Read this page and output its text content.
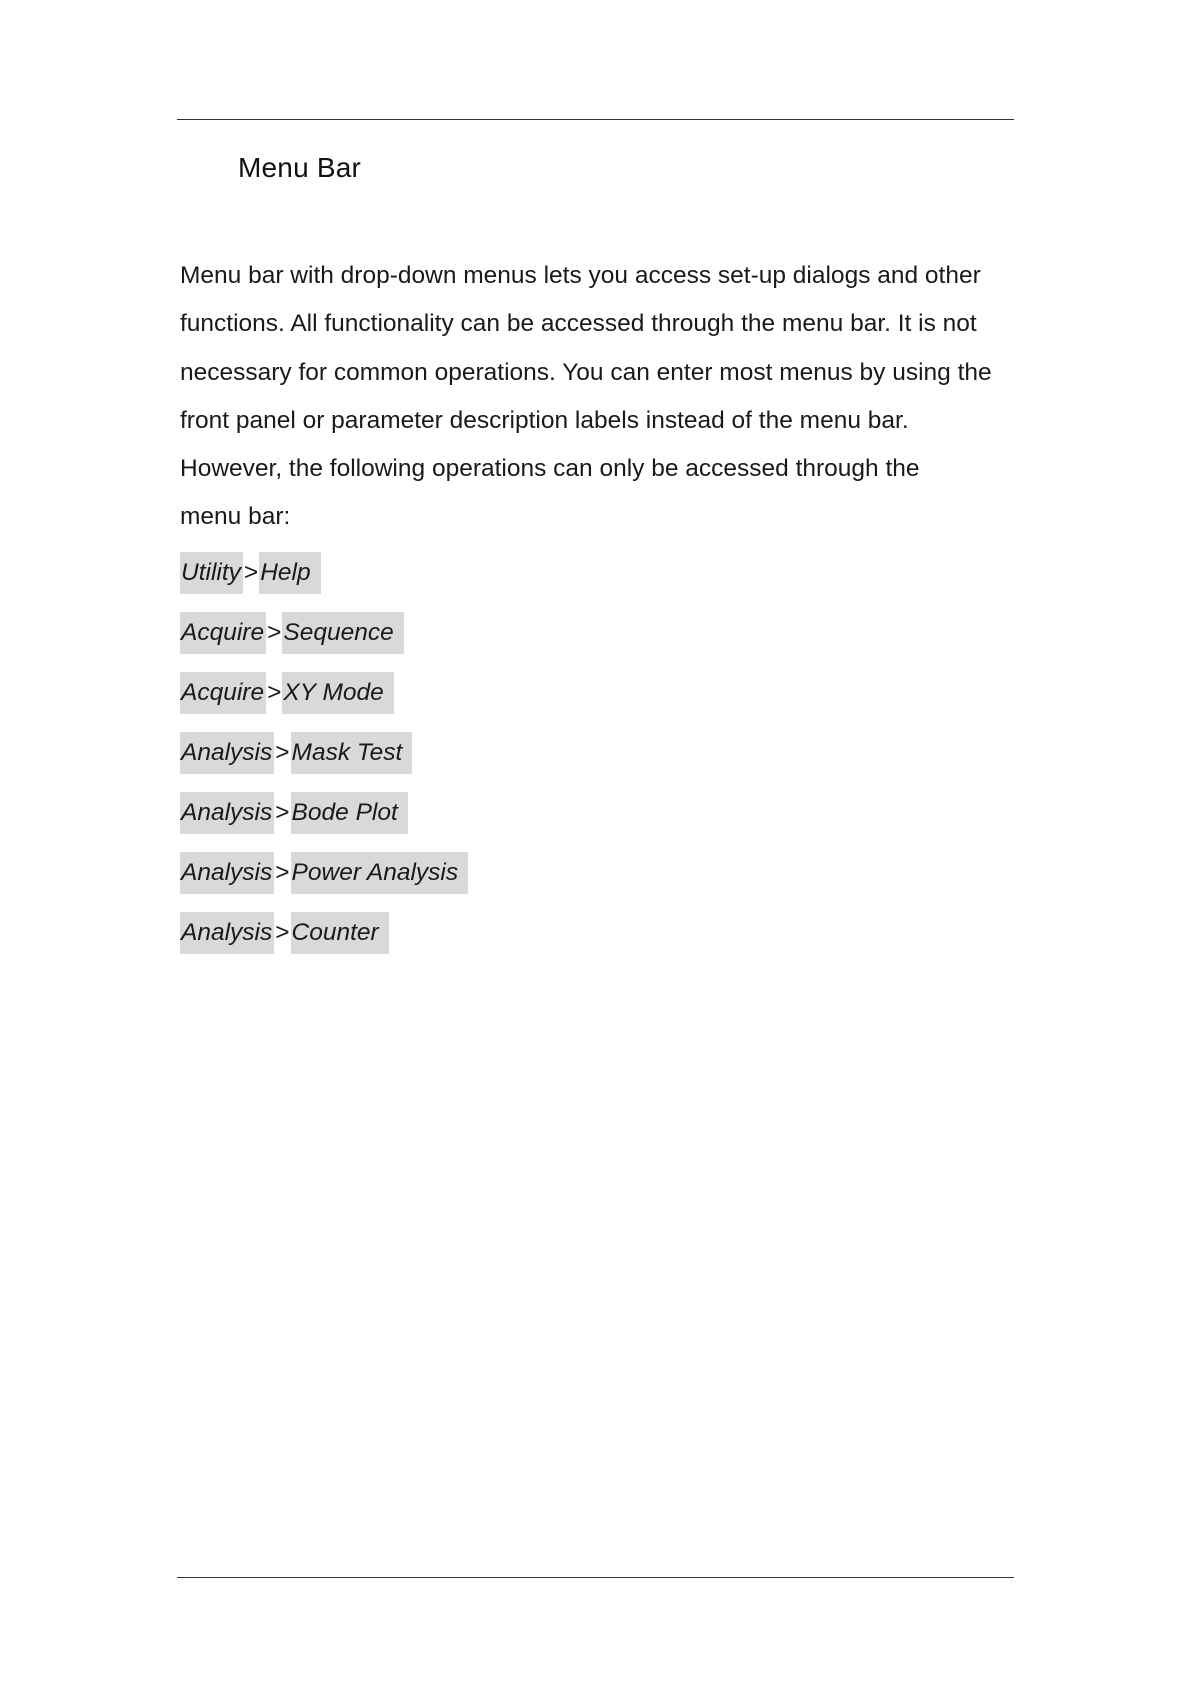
Menu Bar

Menu bar with drop-down menus lets you access set-up dialogs and other
functions. All functionality can be accessed through the menu bar. It is not
necessary for common operations. You can enter most menus by using the
front panel or parameter description labels instead of the menu bar.
However, the following operations can only be accessed through the
menu bar:

Utility > Help
Acquire > Sequence
Acquire > XY Mode
Analysis > Mask Test
Analysis > Bode Plot
Analysis > Power Analysis
Analysis > Counter
